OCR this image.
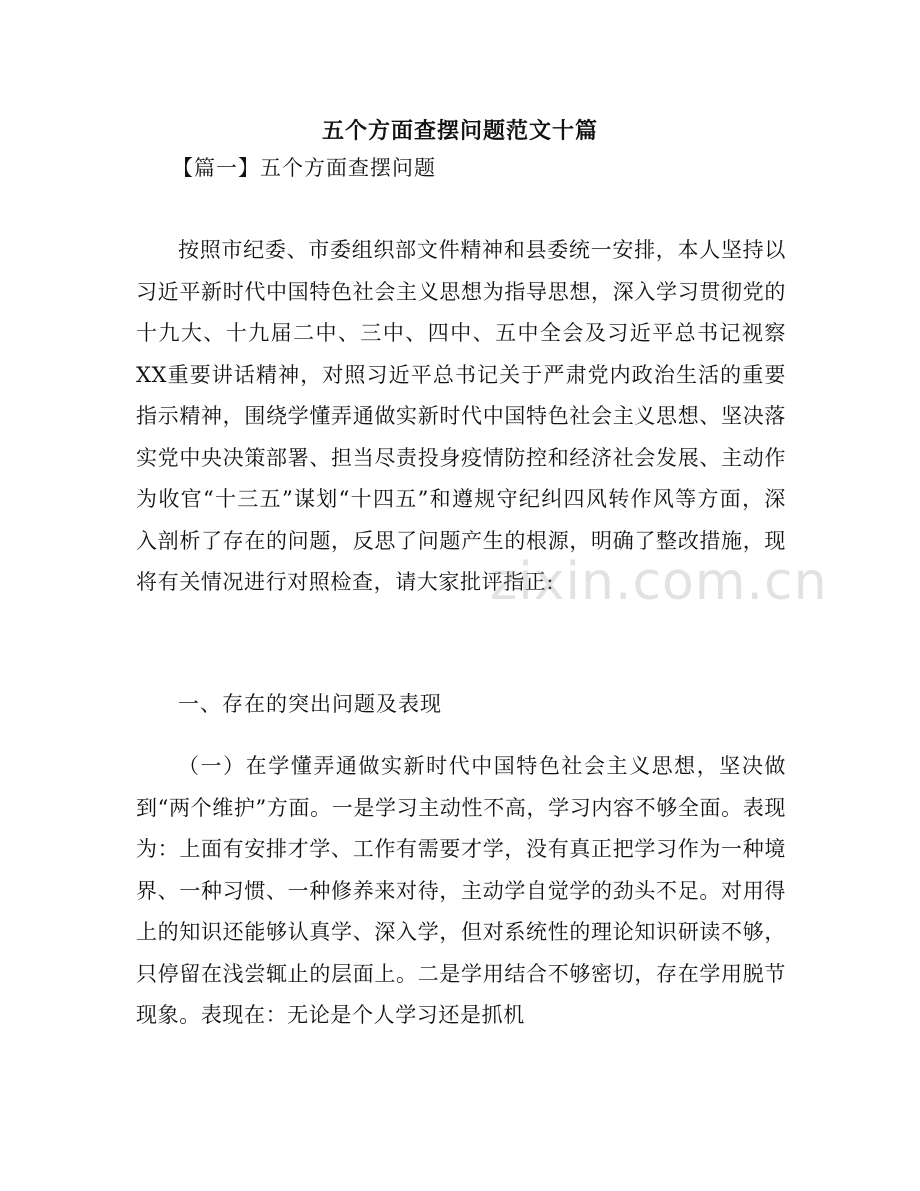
五个方面查摆问题范文十篇
【篇一】五个方面查摆问题

按照市纪委、市委组织部文件精神和县委统一安排，本人坚持以习近平新时代中国特色社会主义思想为指导思想，深入学习贯彻党的十九大、十九届二中、三中、四中、五中全会及习近平总书记视察XX重要讲话精神，对照习近平总书记关于严肃党内政治生活的重要指示精神，围绕学懂弄通做实新时代中国特色社会主义思想、坚决落实党中央决策部署、担当尽责投身疫情防控和经济社会发展、主动作为收官“十三五”谋划“十四五”和遵规守纪纠四风转作风等方面，深入剖析了存在的问题，反思了问题产生的根源，明确了整改措施，现将有关情况进行对照检查，请大家批评指正:

一、存在的突出问题及表现

（一）在学懂弄通做实新时代中国特色社会主义思想，坚决做到“两个维护”方面。一是学习主动性不高，学习内容不够全面。表现为：上面有安排才学、工作有需要才学，没有真正把学习作为一种境界、一种习惯、一种修养来对待，主动学自觉学的劲头不足。对用得上的知识还能够认真学、深入学，但对系统性的理论知识研读不够，只停留在浅尝辄止的层面上。二是学用结合不够密切，存在学用脱节现象。表现在：无论是个人学习还是抓机

zixin.com.cn
